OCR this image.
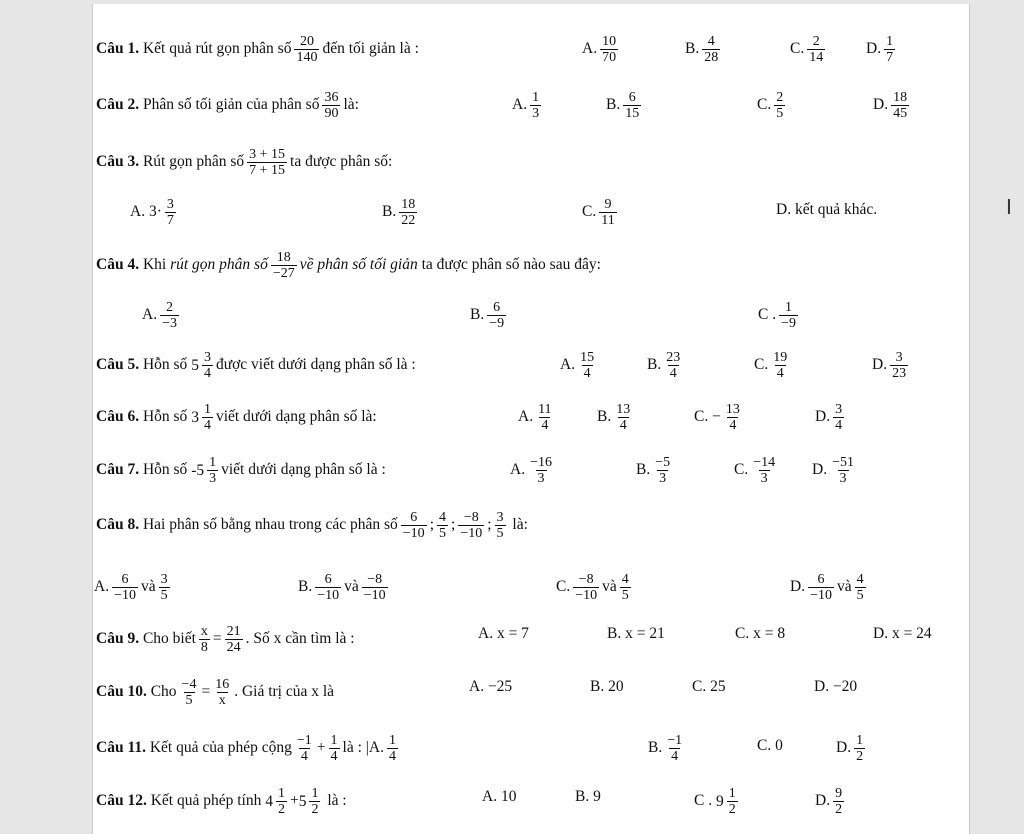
Câu 1. Kết quả rút gọn phân số $\frac{20}{140}$ đến tối giản là :	A. $\frac{10}{70}$	B. $\frac{4}{28}$	C. $\frac{2}{14}$	D. $\frac{1}{7}$
Câu 2. Phân số tối giản của phân số $\frac{36}{90}$ là:	A. $\frac{1}{3}$	B. $\frac{6}{15}$	C. $\frac{2}{5}$	D. $\frac{18}{45}$
Câu 3. Rút gọn phân số $\frac{3 + 15}{7 + 15}$ ta được phân số:
A. $3\cdot \frac{3}{7}$	B. $\frac{18}{22}$	C. $\frac{9}{11}$	D. kết quả khác.	I
Câu 4. Khi rút gọn phân số $\frac{18}{-27}$ về phân số tối giản ta được phân số nào sau đây:
A. $\frac{2}{-3}$	B. $\frac{6}{-9}$	C . $\frac{1}{-9}$
Câu 5. Hỗn số $5 \frac{3}{4}$ được viết dưới dạng phân số là :	A. $\frac{15}{4}$	B. $\frac{23}{4}$	C. $\frac{19}{4}$	D. $\frac{3}{23}$
Câu 6. Hỗn số $3 \frac{1}{4}$ viết dưới dạng phân số là:	A. $\frac{11}{4}$	B. $\frac{13}{4}$	C. − $\frac{13}{4}$	D. $\frac{3}{4}$
Câu 7. Hỗn số $-5 \frac{1}{3}$ viết dưới dạng phân số là :	A. $\frac{-16}{3}$	B. $\frac{-5}{3}$	C. $\frac{-14}{3} D$. $\frac{-51}{3}$
Câu 8. Hai phân số bằng nhau trong các phân số $\frac{6}{-10}$ ; $\frac{4}{5}$ ; $\frac{-8}{-10}$ ; $\frac{3}{5}$ là:
A. $\frac{6}{-10}$ và $\frac{3}{5}$	B. $\frac{6}{-10}$ và $\frac{-8}{-10}$	C. $\frac{-8}{-10}$ và $\frac{4}{5}$	D. $\frac{6}{-10}$ và $\frac{4}{5}$
Câu 9. Cho biết $\frac{x}{8} = \frac{21}{24}$ . Số x cần tìm là :	A. x = 7	B. x = 21	C. x = 8	D. x = 24
Câu 10. Cho $\frac{-4}{5} = \frac{16}{x}$ . Giá trị của x là	A. −25	B. 20	C. 25	D. −20
Câu 11. Kết quả của phép cộng $\frac{-1}{4} + \frac{1}{4}$ là : |A. $\frac{1}{4}$	B. $\frac{-1}{4}$	C. 0	D. $\frac{1}{2}$
Câu 12. Kết quả phép tính $4 \frac{1}{2} + 5 \frac{1}{2}$ là :	A. 10	B. 9	C . $9 \frac{1}{2}$	D. $\frac{9}{2}$
